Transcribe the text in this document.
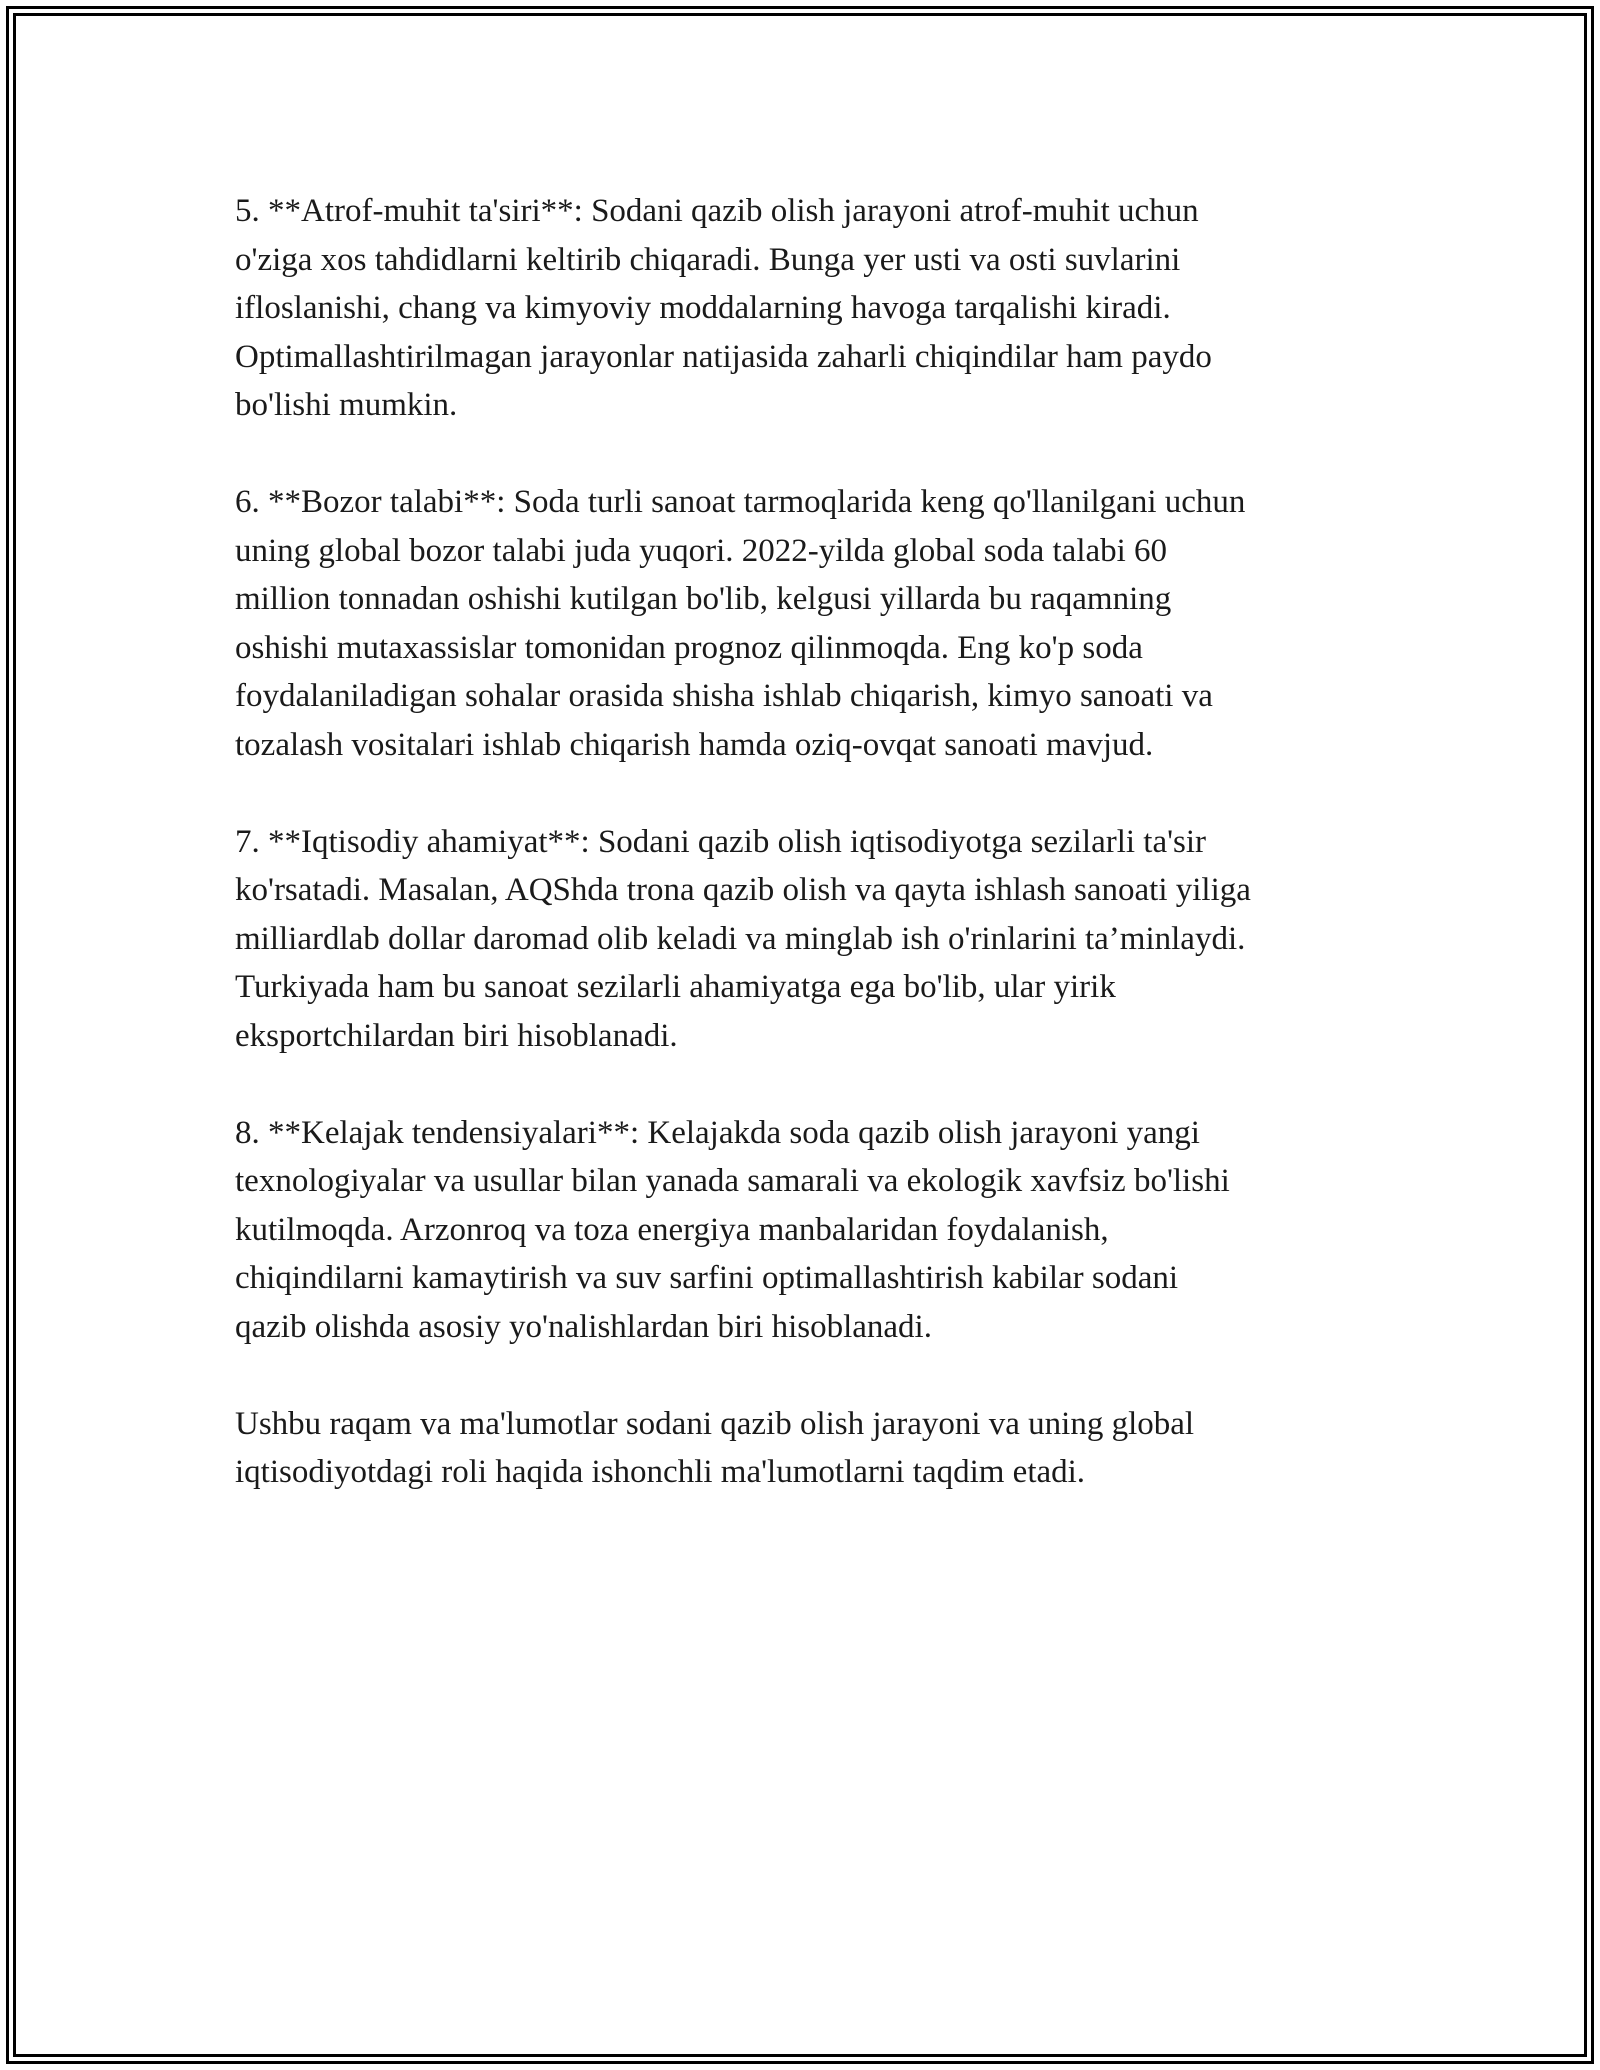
5. **Atrof-muhit ta'siri**: Sodani qazib olish jarayoni atrof-muhit uchun
o'ziga xos tahdidlarni keltirib chiqaradi. Bunga yer usti va osti suvlarini
ifloslanishi, chang va kimyoviy moddalarning havoga tarqalishi kiradi.
Optimallashtirilmagan jarayonlar natijasida zaharli chiqindilar ham paydo
bo'lishi mumkin.

6. **Bozor talabi**: Soda turli sanoat tarmoqlarida keng qo'llanilgani uchun
uning global bozor talabi juda yuqori. 2022-yilda global soda talabi 60
million tonnadan oshishi kutilgan bo'lib, kelgusi yillarda bu raqamning
oshishi mutaxassislar tomonidan prognoz qilinmoqda. Eng ko'p soda
foydalaniladigan sohalar orasida shisha ishlab chiqarish, kimyo sanoati va
tozalash vositalari ishlab chiqarish hamda oziq-ovqat sanoati mavjud.

7. **Iqtisodiy ahamiyat**: Sodani qazib olish iqtisodiyotga sezilarli ta'sir
ko'rsatadi. Masalan, AQShda trona qazib olish va qayta ishlash sanoati yiliga
milliardlab dollar daromad olib keladi va minglab ish o'rinlarini ta’minlaydi.
Turkiyada ham bu sanoat sezilarli ahamiyatga ega bo'lib, ular yirik
eksportchilardan biri hisoblanadi.

8. **Kelajak tendensiyalari**: Kelajakda soda qazib olish jarayoni yangi
texnologiyalar va usullar bilan yanada samarali va ekologik xavfsiz bo'lishi
kutilmoqda. Arzonroq va toza energiya manbalaridan foydalanish,
chiqindilarni kamaytirish va suv sarfini optimallashtirish kabilar sodani
qazib olishda asosiy yo'nalishlardan biri hisoblanadi.

Ushbu raqam va ma'lumotlar sodani qazib olish jarayoni va uning global
iqtisodiyotdagi roli haqida ishonchli ma'lumotlarni taqdim etadi.
